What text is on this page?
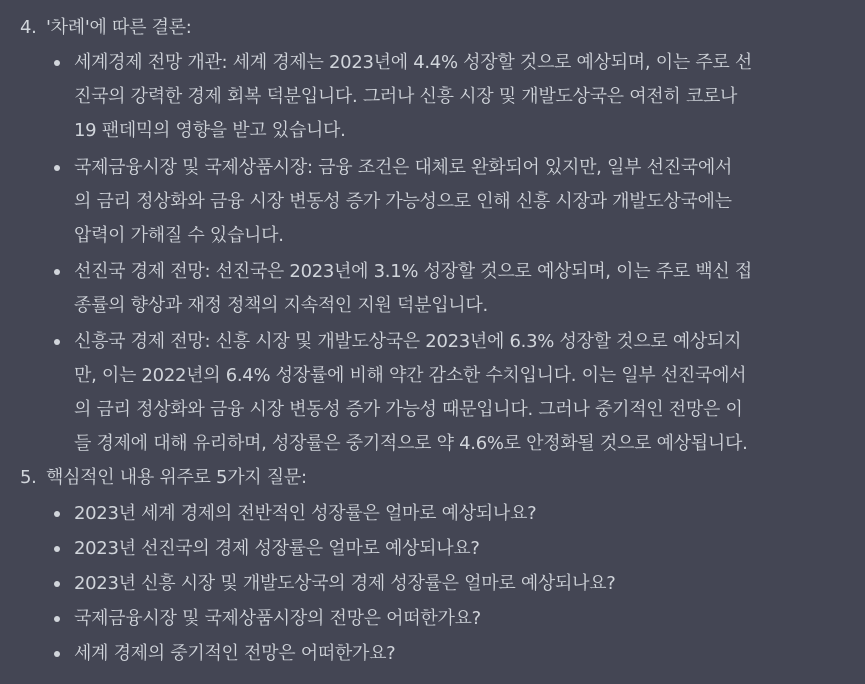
4. '차례'에 따른 결론:
세계경제 전망 개관: 세계 경제는 2023년에 4.4% 성장할 것으로 예상되며, 이는 주로 선
진국의 강력한 경제 회복 덕분입니다. 그러나 신흥 시장 및 개발도상국은 여전히 코로나
19 팬데믹의 영향을 받고 있습니다.
국제금융시장 및 국제상품시장: 금융 조건은 대체로 완화되어 있지만, 일부 선진국에서
의 금리 정상화와 금융 시장 변동성 증가 가능성으로 인해 신흥 시장과 개발도상국에는
압력이 가해질 수 있습니다.
선진국 경제 전망: 선진국은 2023년에 3.1% 성장할 것으로 예상되며, 이는 주로 백신 접
종률의 향상과 재정 정책의 지속적인 지원 덕분입니다.
신흥국 경제 전망: 신흥 시장 및 개발도상국은 2023년에 6.3% 성장할 것으로 예상되지
만, 이는 2022년의 6.4% 성장률에 비해 약간 감소한 수치입니다. 이는 일부 선진국에서
의 금리 정상화와 금융 시장 변동성 증가 가능성 때문입니다. 그러나 중기적인 전망은 이
들 경제에 대해 유리하며, 성장률은 중기적으로 약 4.6%로 안정화될 것으로 예상됩니다.
5. 핵심적인 내용 위주로 5가지 질문:
2023년 세계 경제의 전반적인 성장률은 얼마로 예상되나요?
2023년 선진국의 경제 성장률은 얼마로 예상되나요?
2023년 신흥 시장 및 개발도상국의 경제 성장률은 얼마로 예상되나요?
국제금융시장 및 국제상품시장의 전망은 어떠한가요?
세계 경제의 중기적인 전망은 어떠한가요?
